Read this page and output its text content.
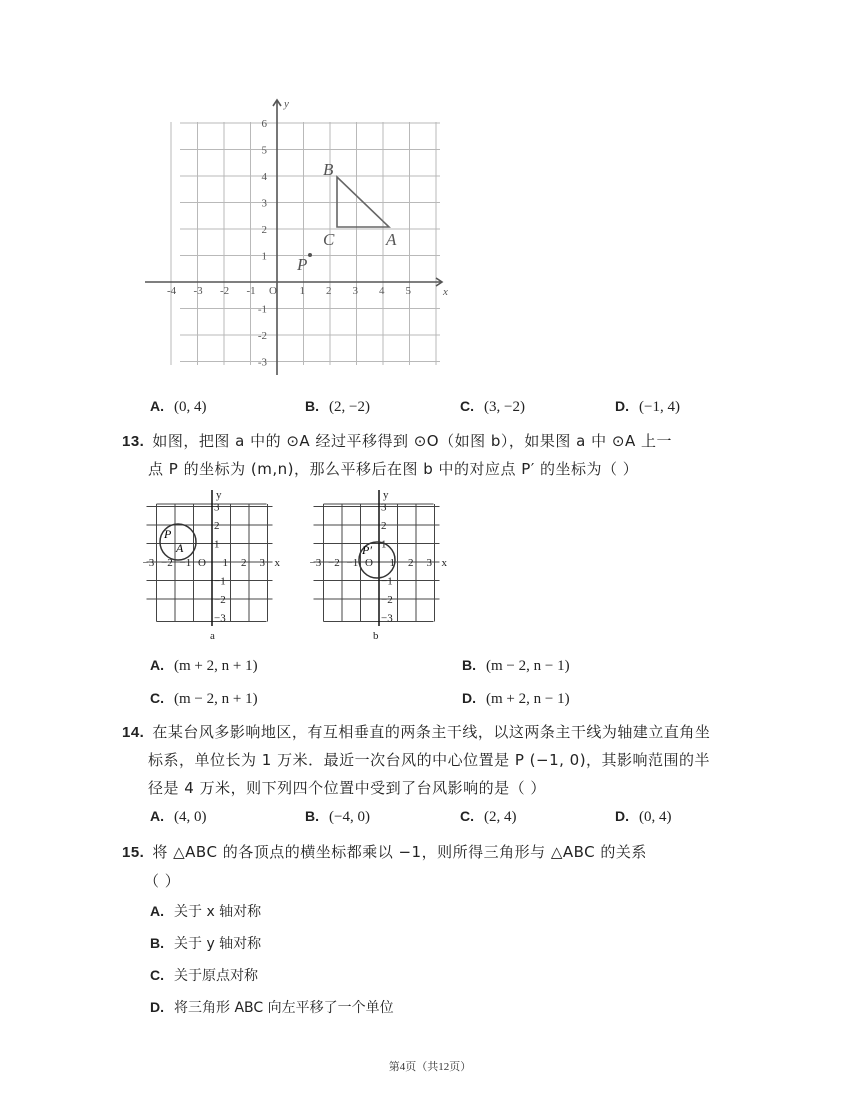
-4 -3 -2 -1 O 1 2 3 4 5
6
5
4
3
2
1
-1
-2
-3
x
y
B
C	A
P
A. (0, 4)	B. (2, −2)	C. (3, −2)	D. (−1, 4)
13. 如图，把图 a 中的 ⊙A 经过平移得到 ⊙O（如图 b），如果图 a 中 ⊙A 上一
点 P 的坐标为 (m,n)，那么平移后在图 b 中的对应点 P′ 的坐标为（ ）
y
x
−3 −2 −1 O 1 2 3
3
2
1
−1
−2
−3
P
A
a
y
x
−3 −2 −1 O 1 2 3
3
2
1
−1
−2
−3
P′
b
A. (m + 2, n + 1)	B. (m − 2, n − 1)
C. (m − 2, n + 1)	D. (m + 2, n − 1)
14. 在某台风多影响地区，有互相垂直的两条主干线，以这两条主干线为轴建立直角坐
标系，单位长为 1 万米．最近一次台风的中心位置是 P (−1, 0)，其影响范围的半
径是 4 万米，则下列四个位置中受到了台风影响的是（ ）
A. (4, 0)	B. (−4, 0)	C. (2, 4)	D. (0, 4)
15. 将 △ABC 的各顶点的横坐标都乘以 −1，则所得三角形与 △ABC 的关系
（ ）
A. 关于 x 轴对称
B. 关于 y 轴对称
C. 关于原点对称
D. 将三角形 ABC 向左平移了一个单位
第4页（共12页）
